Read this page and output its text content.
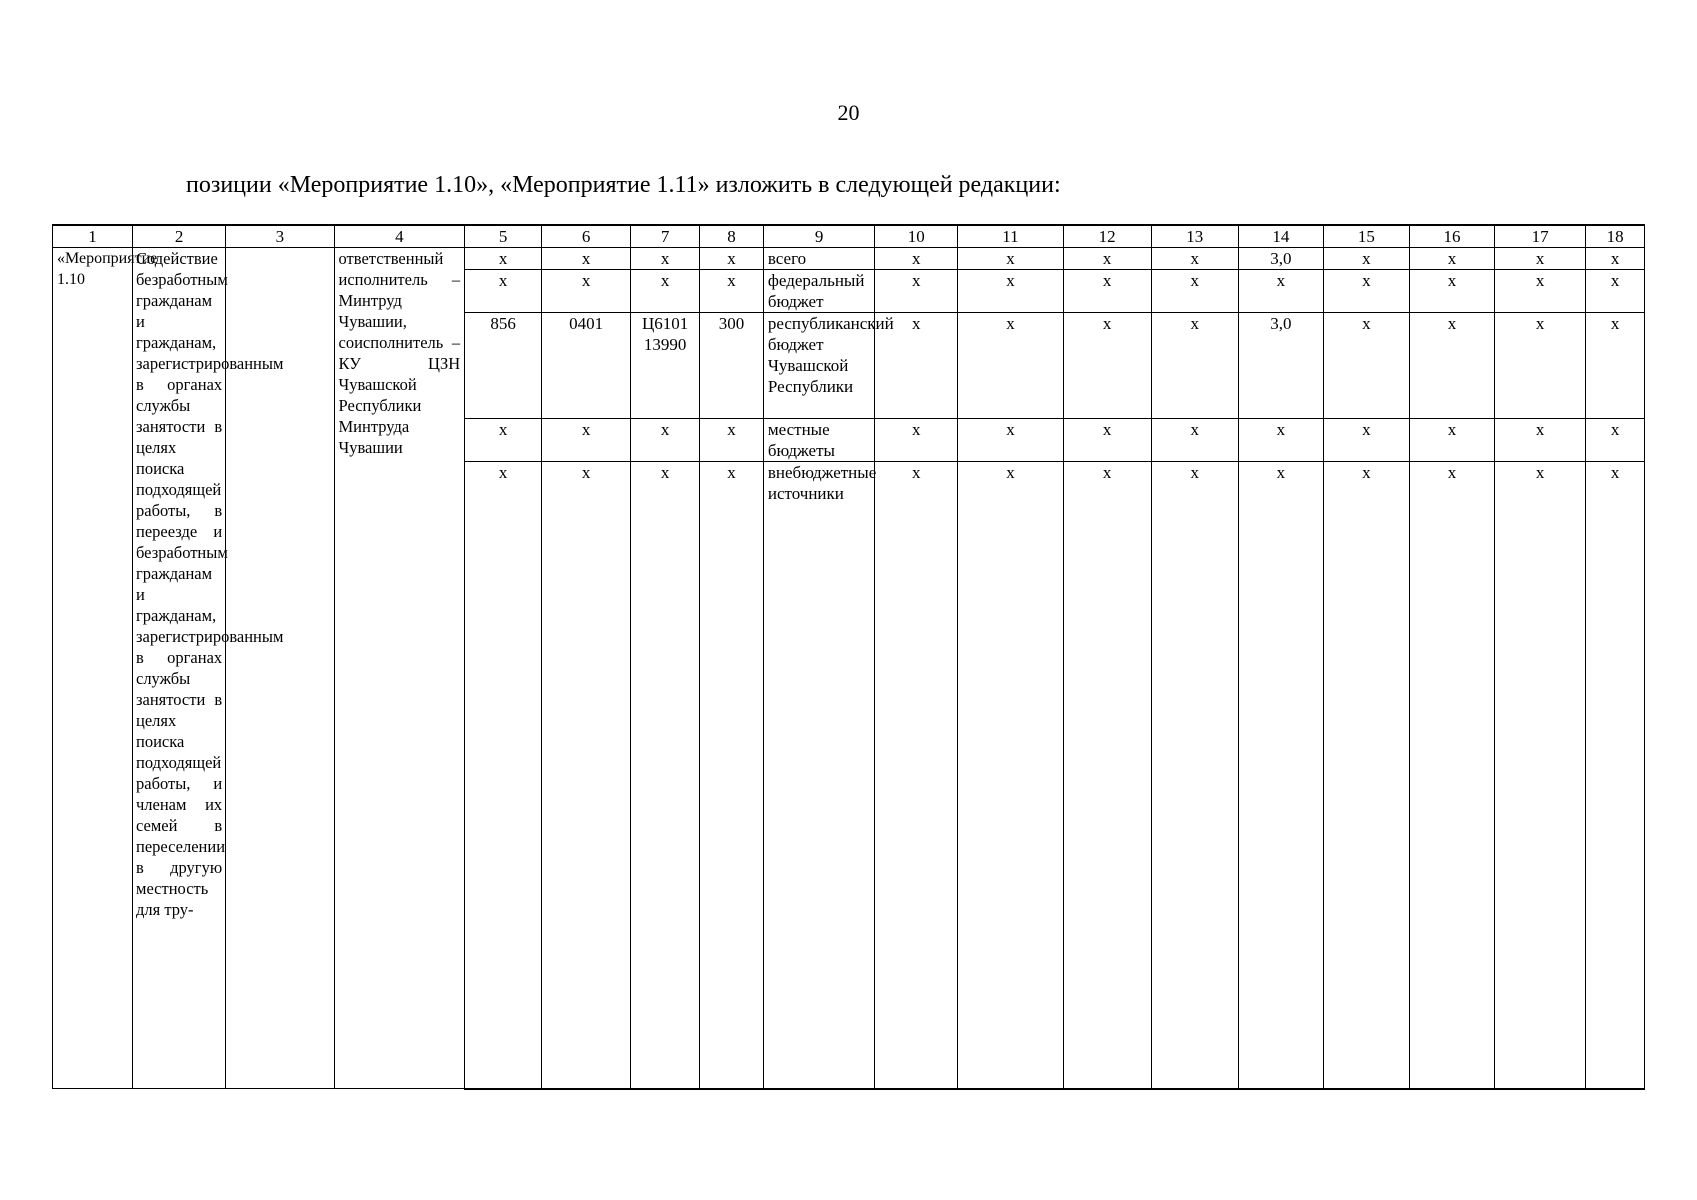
20
позиции «Мероприятие 1.10», «Мероприятие 1.11» изложить в следующей редакции:
1	2	3	4	5	6	7	8	9	10	11	12	13	14	15	16	17	18
«Мероприятие 1.10	Содействие безработным гражданам и гражданам, зарегистрированным в органах службы занятости в целях поиска подходящей работы, в переезде и безработным гражданам и гражданам, зарегистрированным в органах службы занятости в целях поиска подходящей работы, и членам их семей в переселении в другую местность для тру-		ответственный исполнитель – Минтруд Чувашии, соисполнитель – КУ ЦЗН Чувашской Республики Минтруда Чувашии	x	x	x	x	всего	x	x	x	x	3,0	x	x	x	x
				x	x	x	x	федеральный бюджет	x	x	x	x	x	x	x	x	x
				856	0401	Ц6101 13990	300	республиканский бюджет Чувашской Республики	x	x	x	x	3,0	x	x	x	x
				x	x	x	x	местные бюджеты	x	x	x	x	x	x	x	x	x
				x	x	x	x	внебюджетные источники	x	x	x	x	x	x	x	x	x
